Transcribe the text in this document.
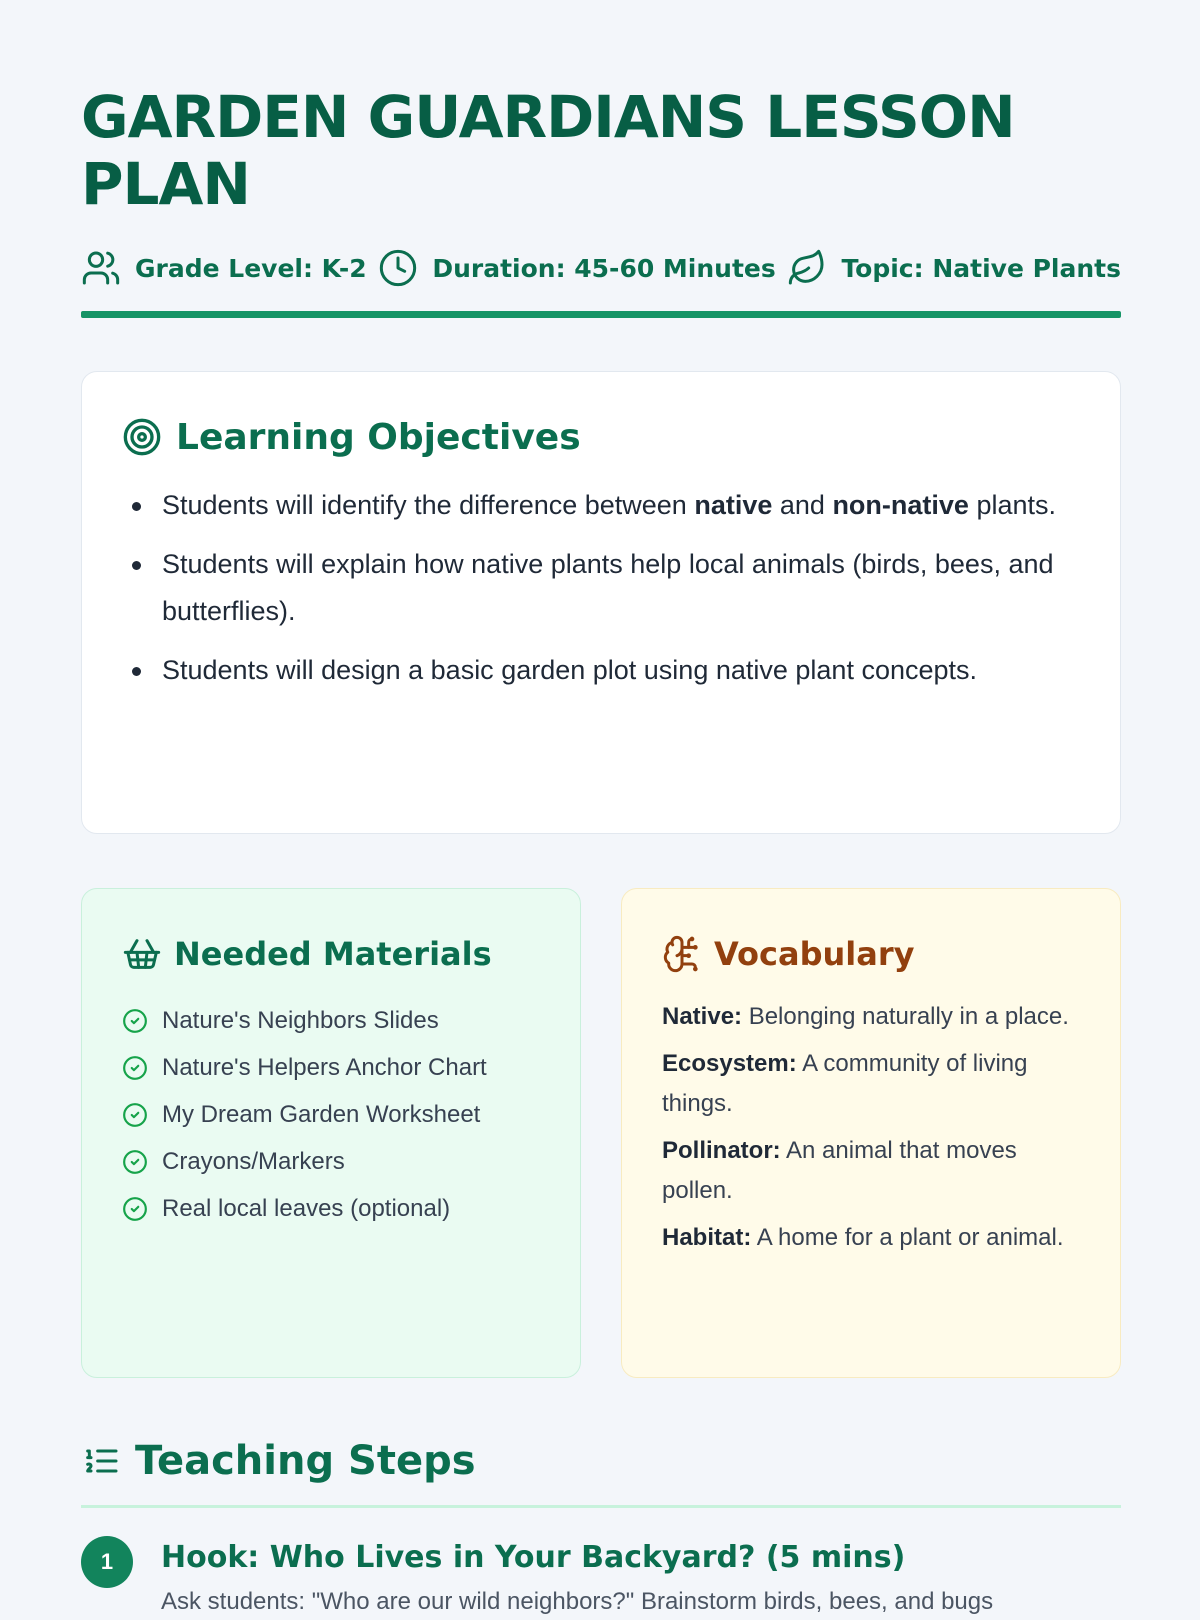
GARDEN GUARDIANS LESSON PLAN
Grade Level: K-2	Duration: 45-60 Minutes	Topic: Native Plants
Learning Objectives
Students will identify the difference between native and non-native plants.
Students will explain how native plants help local animals (birds, bees, and butterflies).
Students will design a basic garden plot using native plant concepts.
Needed Materials
Nature's Neighbors Slides
Nature's Helpers Anchor Chart
My Dream Garden Worksheet
Crayons/Markers
Real local leaves (optional)
Vocabulary
Native: Belonging naturally in a place.
Ecosystem: A community of living things.
Pollinator: An animal that moves pollen.
Habitat: A home for a plant or animal.
Teaching Steps
1	Hook: Who Lives in Your Backyard? (5 mins)
Ask students: "Who are our wild neighbors?" Brainstorm birds, bees, and bugs
